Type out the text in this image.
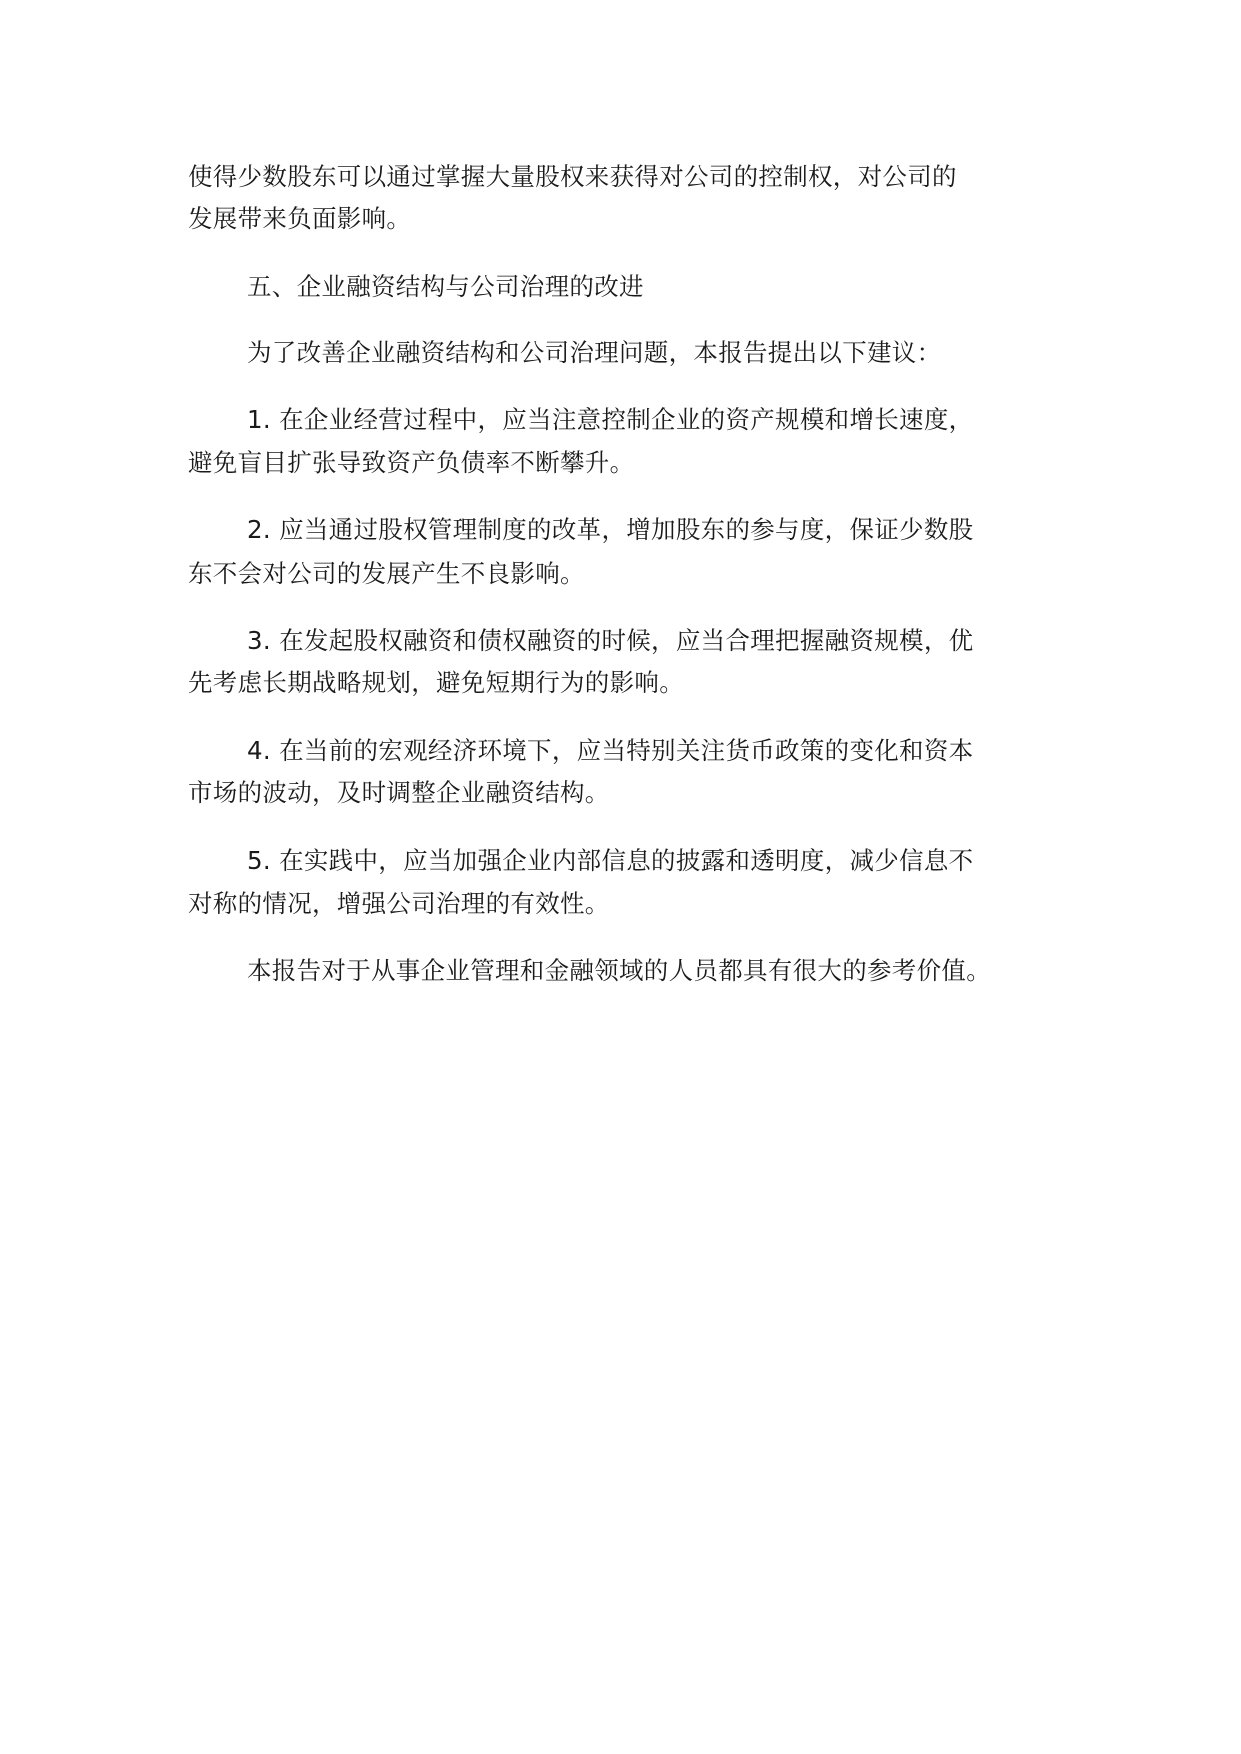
使得少数股东可以通过掌握大量股权来获得对公司的控制权，对公司的
发展带来负面影响。
五、企业融资结构与公司治理的改进
为了改善企业融资结构和公司治理问题，本报告提出以下建议：
1. 在企业经营过程中，应当注意控制企业的资产规模和增长速度，
避免盲目扩张导致资产负债率不断攀升。
2. 应当通过股权管理制度的改革，增加股东的参与度，保证少数股
东不会对公司的发展产生不良影响。
3. 在发起股权融资和债权融资的时候，应当合理把握融资规模，优
先考虑长期战略规划，避免短期行为的影响。
4. 在当前的宏观经济环境下，应当特别关注货币政策的变化和资本
市场的波动，及时调整企业融资结构。
5. 在实践中，应当加强企业内部信息的披露和透明度，减少信息不
对称的情况，增强公司治理的有效性。
本报告对于从事企业管理和金融领域的人员都具有很大的参考价值。
